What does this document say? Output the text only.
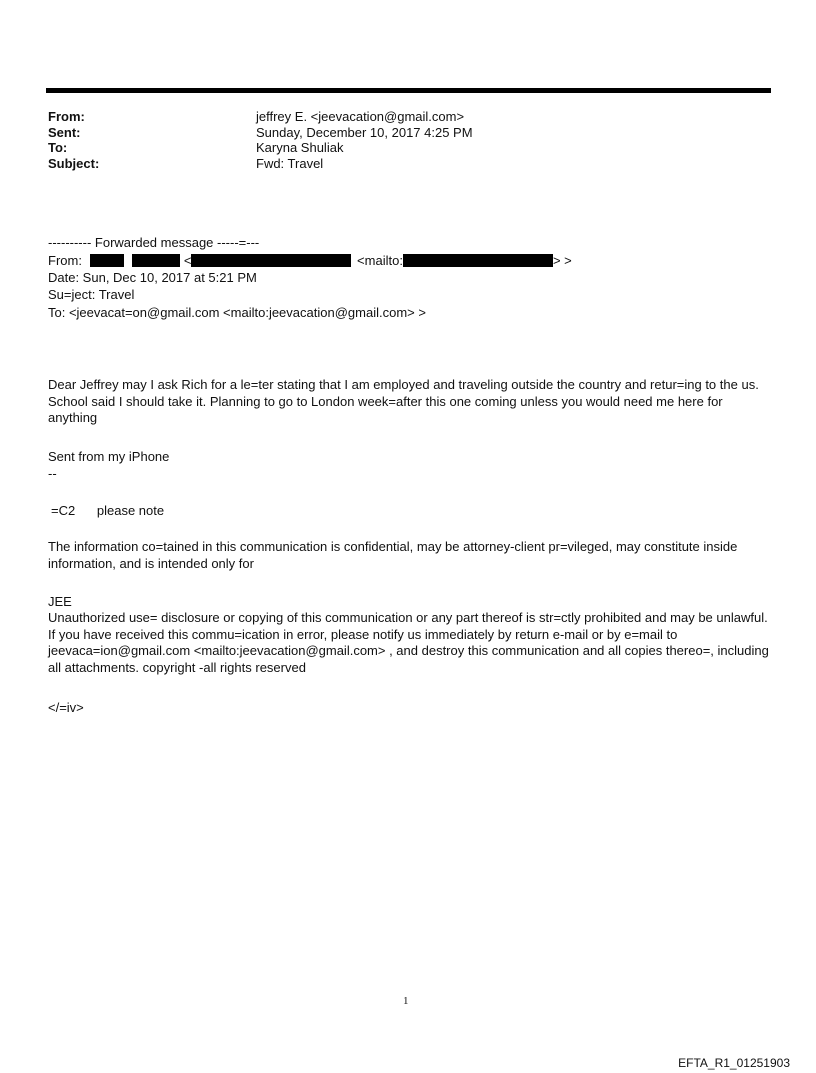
From:	jeffrey E. <jeevacation@gmail.com>
Sent:	Sunday, December 10, 2017 4:25 PM
To:	Karyna Shuliak
Subject:	Fwd: Travel
---------- Forwarded message -----=---
From:	<	<mailto:	> >
Date: Sun, Dec 10, 2017 at 5:21 PM
Su=ject: Travel
To: <jeevacat=on@gmail.com <mailto:jeevacation@gmail.com> >
Dear Jeffrey may I ask Rich for a le=ter stating that I am employed and traveling outside the country and retur=ing to the us. School said I should take it. Planning to go to London week=after this one coming unless you would need me here for anything
Sent from my iPhone
--
=C2      please note
The information co=tained in this communication is confidential, may be attorney-client pr=vileged, may constitute inside information, and is intended only for
JEE
Unauthorized use= disclosure or copying of this communication or any part thereof is str=ctly prohibited and may be unlawful. If you have received this commu=ication in error, please notify us immediately by return e-mail or by e=mail to jeevaca=ion@gmail.com <mailto:jeevacation@gmail.com> , and destroy this communication and all copies thereo=, including all attachments. copyright -all rights reserved
</=iv>
1
EFTA_R1_01251903
